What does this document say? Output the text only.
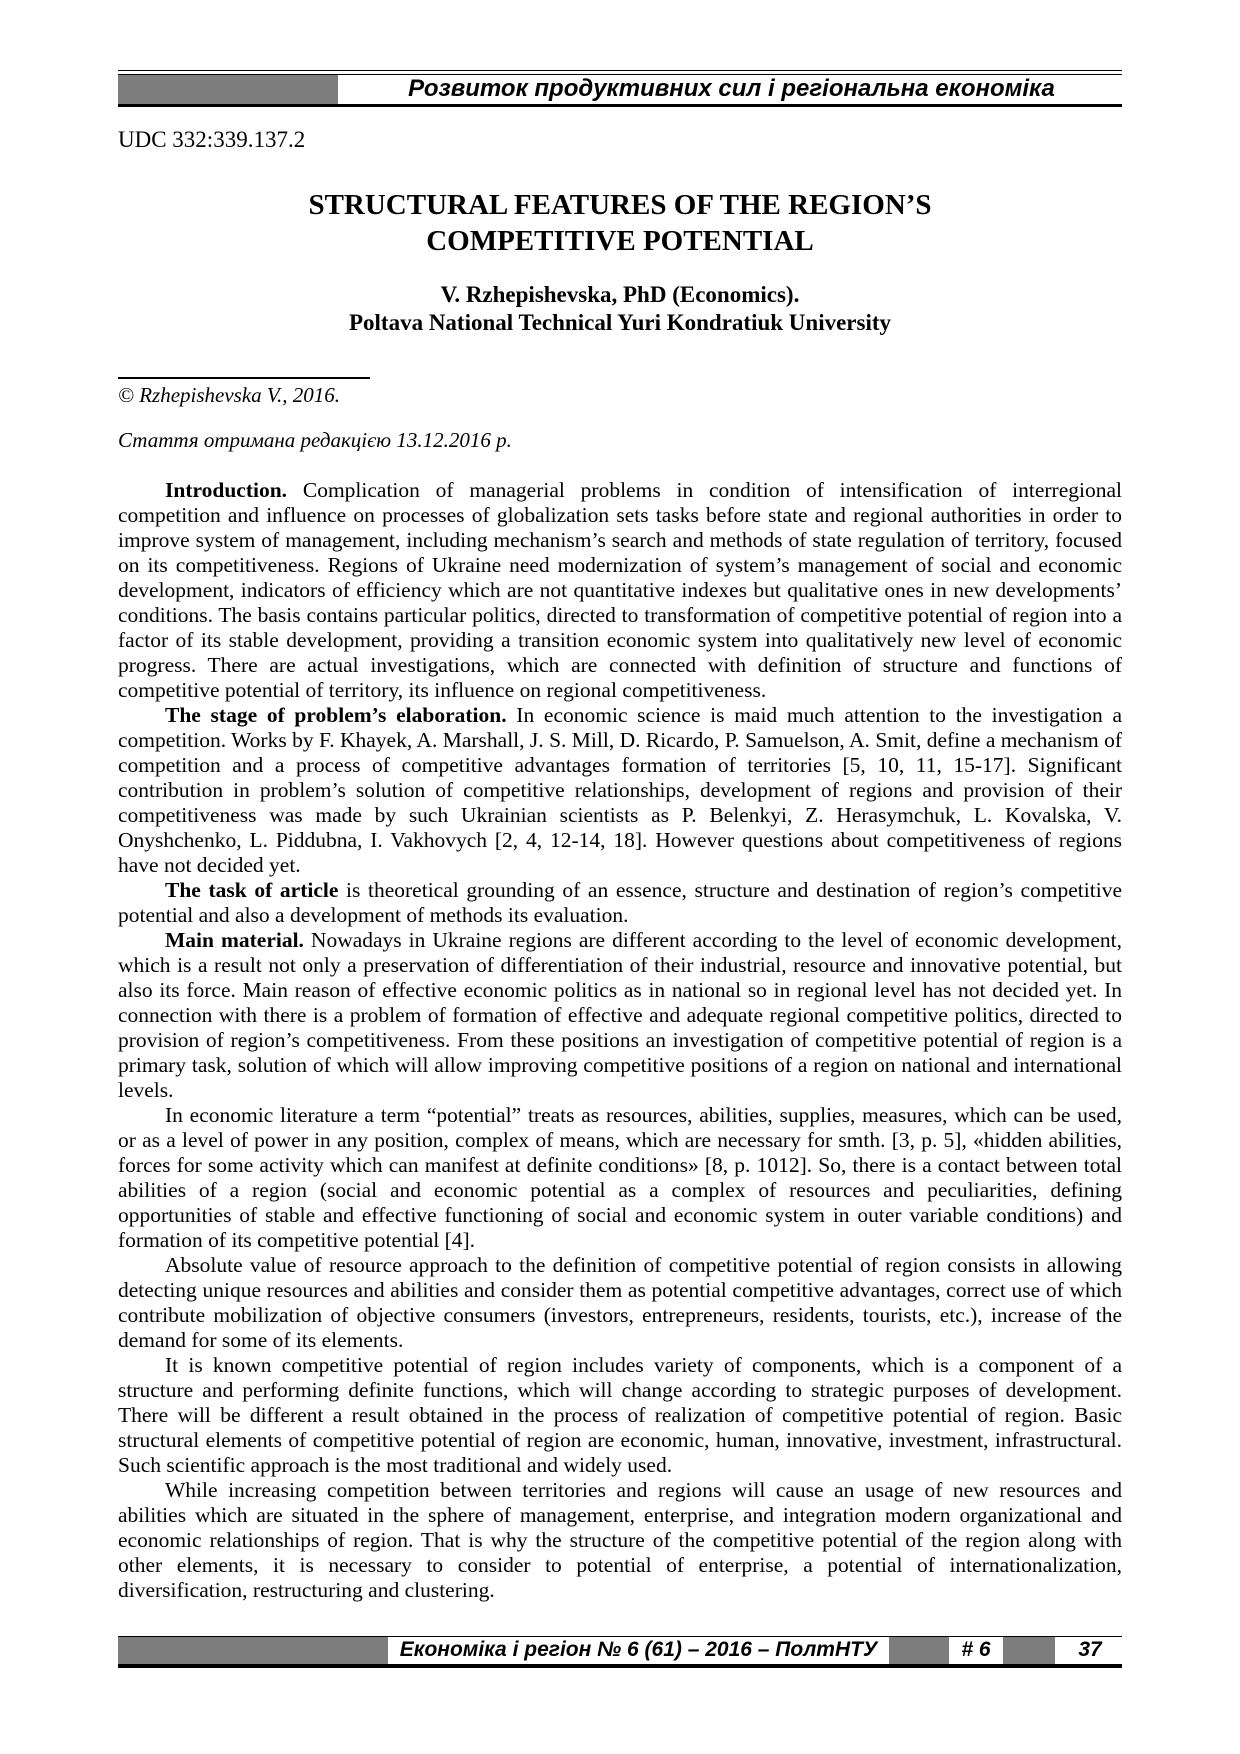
Розвиток продуктивних сил і регіональна економіка
UDC 332:339.137.2
STRUCTURAL FEATURES OF THE REGION’S
COMPETITIVE POTENTIAL
V. Rzhepishevska, PhD (Economics).
Poltava National Technical Yuri Kondratiuk University
© Rzhepishevska V., 2016.
Стаття отримана редакцією 13.12.2016 р.

Introduction. Complication of managerial problems in condition of intensification of interregional competition and influence on processes of globalization sets tasks before state and regional authorities in order to improve system of management, including mechanism’s search and methods of state regulation of territory, focused on its competitiveness. Regions of Ukraine need modernization of system’s management of social and economic development, indicators of efficiency which are not quantitative indexes but qualitative ones in new developments’ conditions. The basis contains particular politics, directed to transformation of competitive potential of region into a factor of its stable development, providing a transition economic system into qualitatively new level of economic progress. There are actual investigations, which are connected with definition of structure and functions of competitive potential of territory, its influence on regional competitiveness.

The stage of problem’s elaboration. In economic science is maid much attention to the investigation a competition. Works by F. Khayek, A. Marshall, J. S. Mill, D. Ricardo, P. Samuelson, A. Smit, define a mechanism of competition and a process of competitive advantages formation of territories [5, 10, 11, 15-17]. Significant contribution in problem’s solution of competitive relationships, development of regions and provision of their competitiveness was made by such Ukrainian scientists as P. Belenkyi, Z. Herasymchuk, L. Kovalska, V. Onyshchenko, L. Piddubna, I. Vakhovych [2, 4, 12-14, 18]. However questions about competitiveness of regions have not decided yet.

The task of article is theoretical grounding of an essence, structure and destination of region’s competitive potential and also a development of methods its evaluation.

Main material. Nowadays in Ukraine regions are different according to the level of economic development, which is a result not only a preservation of differentiation of their industrial, resource and innovative potential, but also its force. Main reason of effective economic politics as in national so in regional level has not decided yet. In connection with there is a problem of formation of effective and adequate regional competitive politics, directed to provision of region’s competitiveness. From these positions an investigation of competitive potential of region is a primary task, solution of which will allow improving competitive positions of a region on national and international levels.

In economic literature a term “potential” treats as resources, abilities, supplies, measures, which can be used, or as a level of power in any position, complex of means, which are necessary for smth. [3, p. 5], «hidden abilities, forces for some activity which can manifest at definite conditions» [8, p. 1012]. So, there is a contact between total abilities of a region (social and economic potential as a complex of resources and peculiarities, defining opportunities of stable and effective functioning of social and economic system in outer variable conditions) and formation of its competitive potential [4].

Absolute value of resource approach to the definition of competitive potential of region consists in allowing detecting unique resources and abilities and consider them as potential competitive advantages, correct use of which contribute mobilization of objective consumers (investors, entrepreneurs, residents, tourists, etc.), increase of the demand for some of its elements.

It is known competitive potential of region includes variety of components, which is a component of a structure and performing definite functions, which will change according to strategic purposes of development. There will be different a result obtained in the process of realization of competitive potential of region. Basic structural elements of competitive potential of region are economic, human, innovative, investment, infrastructural. Such scientific approach is the most traditional and widely used.

While increasing competition between territories and regions will cause an usage of new resources and abilities which are situated in the sphere of management, enterprise, and integration modern organizational and economic relationships of region. That is why the structure of the competitive potential of the region along with other elements, it is necessary to consider to potential of enterprise, a potential of internationalization, diversification, restructuring and clustering.

Економіка і регіон № 6 (61) – 2016 – ПолтНТУ	# 6	37
